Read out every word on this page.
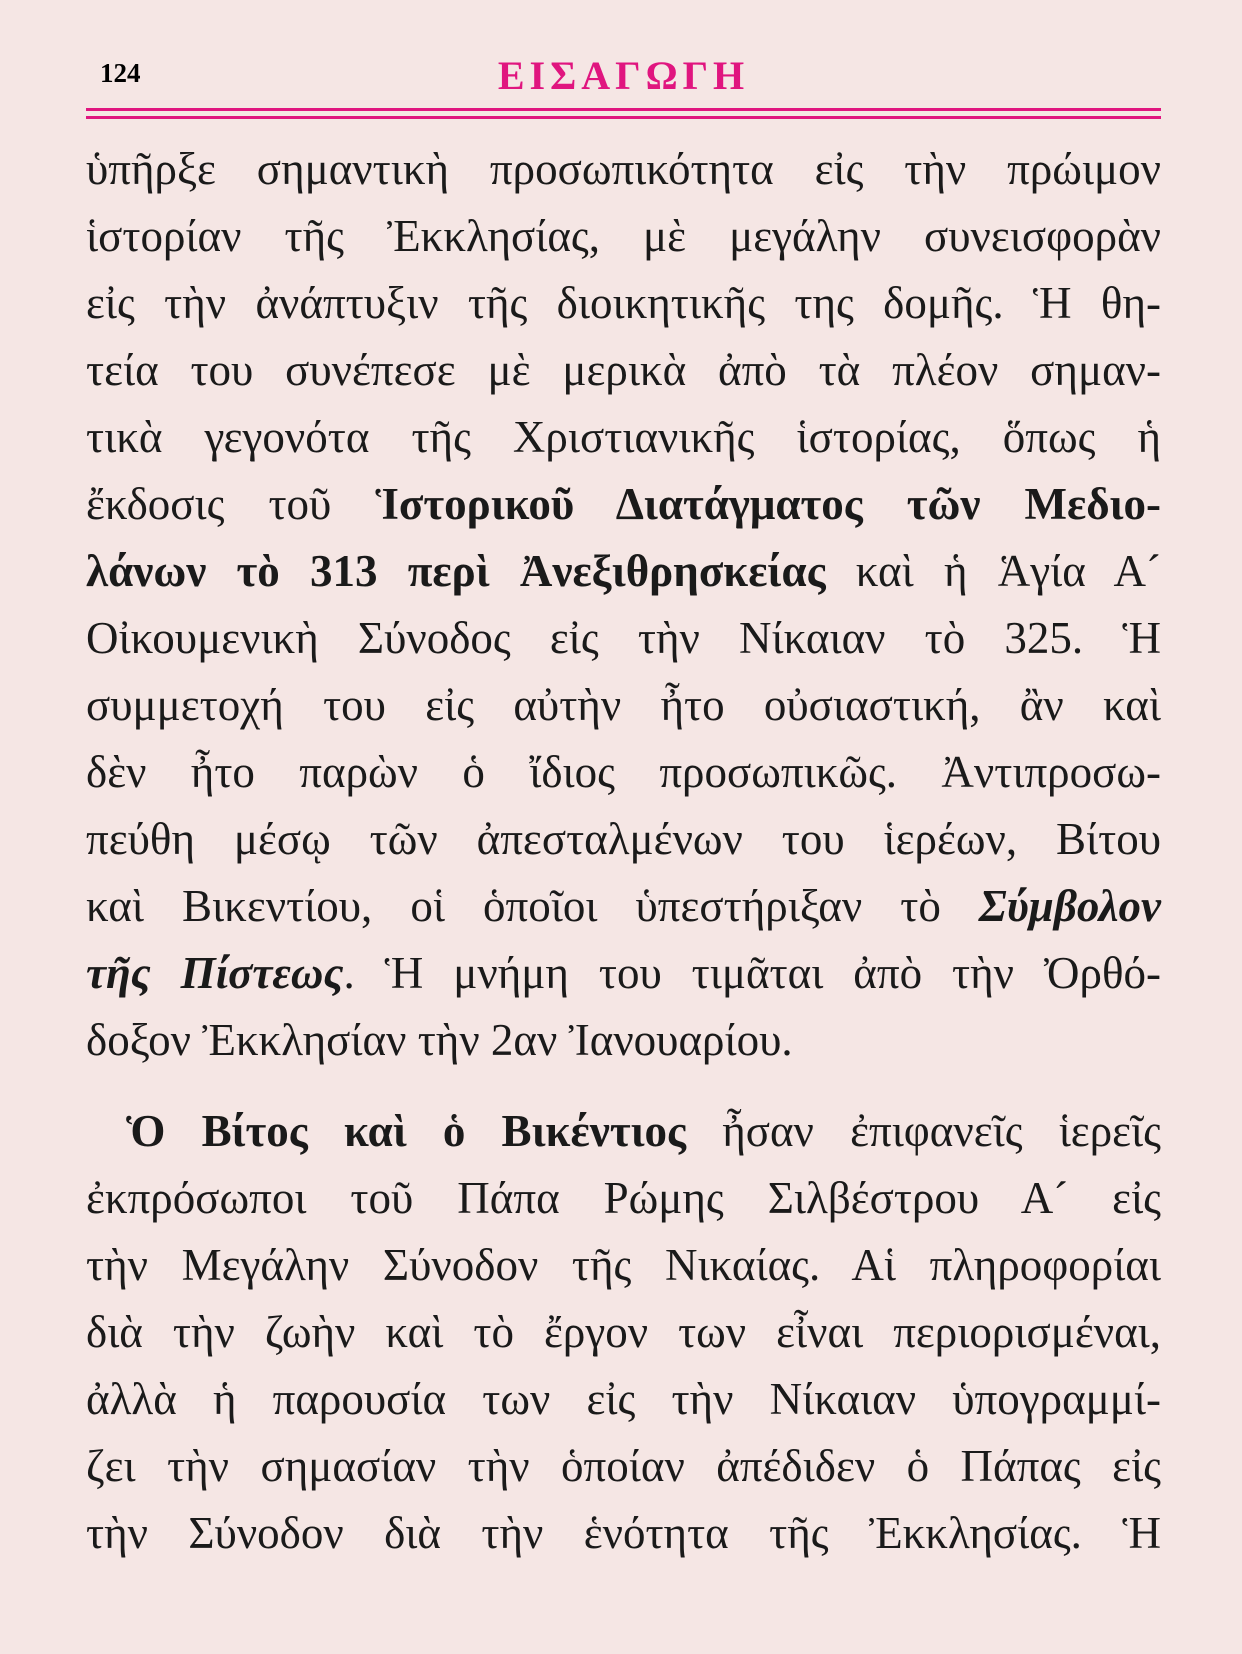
124	ΕΙΣΑΓΩΓΗ
ὑπῆρξε σημαντικὴ προσωπικότητα εἰς τὴν πρώιμον
ἱστορίαν τῆς Ἐκκλησίας, μὲ μεγάλην συνεισφορὰν
εἰς τὴν ἀνάπτυξιν τῆς διοικητικῆς της δομῆς. Ἡ θη-
τεία του συνέπεσε μὲ μερικὰ ἀπὸ τὰ πλέον σημαν-
τικὰ γεγονότα τῆς Χριστιανικῆς ἱστορίας, ὅπως ἡ
ἔκδοσις τοῦ Ἱστορικοῦ Διατάγματος τῶν Μεδιο-
λάνων τὸ 313 περὶ Ἀνεξιθρησκείας καὶ ἡ Ἁγία Α´
Οἰκουμενικὴ Σύνοδος εἰς τὴν Νίκαιαν τὸ 325. Ἡ
συμμετοχή του εἰς αὐτὴν ἦτο οὐσιαστική, ἂν καὶ
δὲν ἦτο παρὼν ὁ ἴδιος προσωπικῶς. Ἀντιπροσω-
πεύθη μέσῳ τῶν ἀπεσταλμένων του ἱερέων, Βίτου
καὶ Βικεντίου, οἱ ὁποῖοι ὑπεστήριξαν τὸ Σύμβολον
τῆς Πίστεως. Ἡ μνήμη του τιμᾶται ἀπὸ τὴν Ὀρθό-
δοξον Ἐκκλησίαν τὴν 2αν Ἰανουαρίου.
Ὁ Βίτος καὶ ὁ Βικέντιος ἦσαν ἐπιφανεῖς ἱερεῖς
ἐκπρόσωποι τοῦ Πάπα Ρώμης Σιλβέστρου Α´ εἰς
τὴν Μεγάλην Σύνοδον τῆς Νικαίας. Αἱ πληροφορίαι
διὰ τὴν ζωὴν καὶ τὸ ἔργον των εἶναι περιορισμέναι,
ἀλλὰ ἡ παρουσία των εἰς τὴν Νίκαιαν ὑπογραμμί-
ζει τὴν σημασίαν τὴν ὁποίαν ἀπέδιδεν ὁ Πάπας εἰς
τὴν Σύνοδον διὰ τὴν ἑνότητα τῆς Ἐκκλησίας. Ἡ
